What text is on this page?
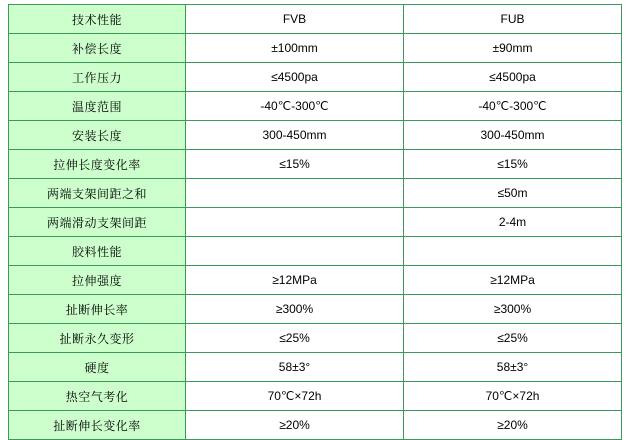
技术性能	FVB	FUB
补偿长度	±100mm	±90mm
工作压力	≤4500pa	≤4500pa
温度范围	-40℃-300℃	-40℃-300℃
安装长度	300-450mm	300-450mm
拉伸长度变化率	≤15%	≤15%
两端支架间距之和		≤50m
两端滑动支架间距		2-4m
胶料性能		
拉伸强度	≥12MPa	≥12MPa
扯断伸长率	≥300%	≥300%
扯断永久变形	≤25%	≤25%
硬度	58±3°	58±3°
热空气考化	70℃×72h	70℃×72h
扯断伸长变化率	≥20%	≥20%
